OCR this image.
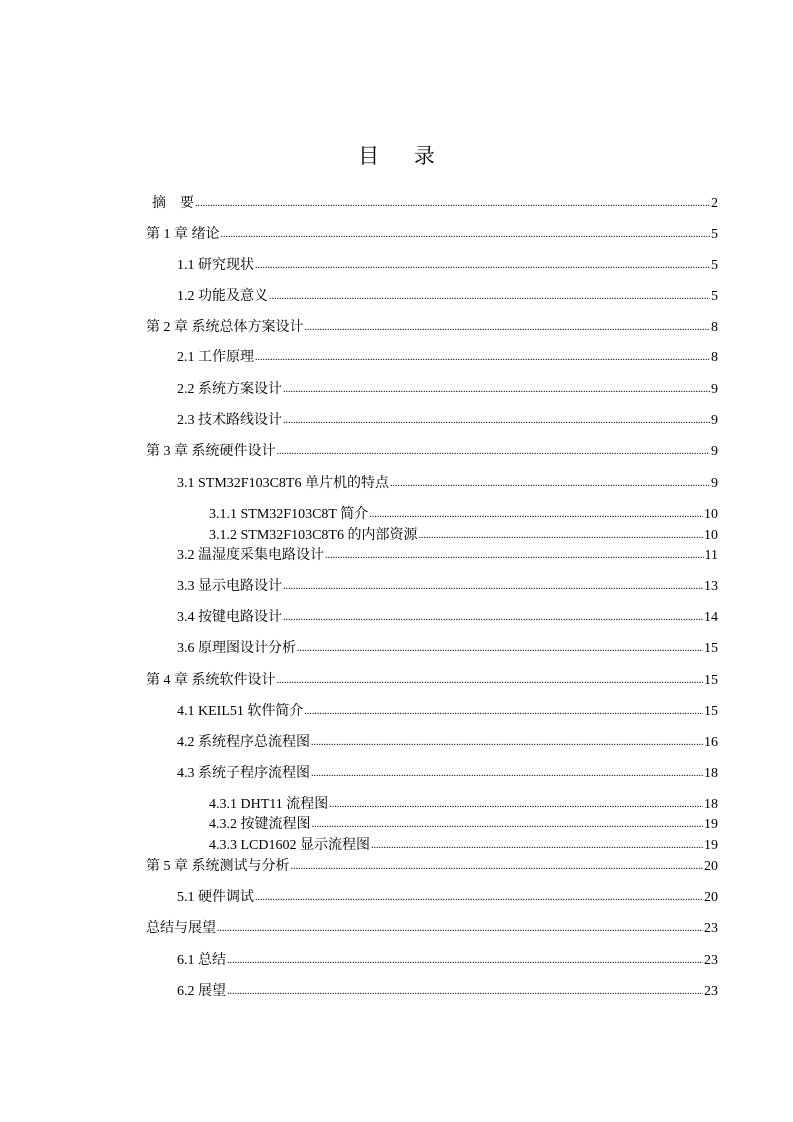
目 录
摘　要 .....	2
第 1 章 绪论 .....	5
1.1 研究现状 .....	5
1.2 功能及意义 .....	5
第 2 章 系统总体方案设计 .....	8
2.1 工作原理 .....	8
2.2 系统方案设计 .....	9
2.3 技术路线设计 .....	9
第 3 章 系统硬件设计 .....	9
3.1 STM32F103C8T6 单片机的特点 .....	9
3.1.1 STM32F103C8T 简介 .....	10
3.1.2 STM32F103C8T6 的内部资源 .....	10
3.2 温湿度采集电路设计 .....	11
3.3 显示电路设计 .....	13
3.4 按键电路设计 .....	14
3.6 原理图设计分析 .....	15
第 4 章 系统软件设计 .....	15
4.1 KEIL51 软件简介 .....	15
4.2 系统程序总流程图 .....	16
4.3 系统子程序流程图 .....	18
4.3.1 DHT11 流程图 .....	18
4.3.2 按键流程图 .....	19
4.3.3 LCD1602 显示流程图 .....	19
第 5 章 系统测试与分析 .....	20
5.1 硬件调试 .....	20
总结与展望 .....	23
6.1 总结 .....	23
6.2 展望 .....	23
